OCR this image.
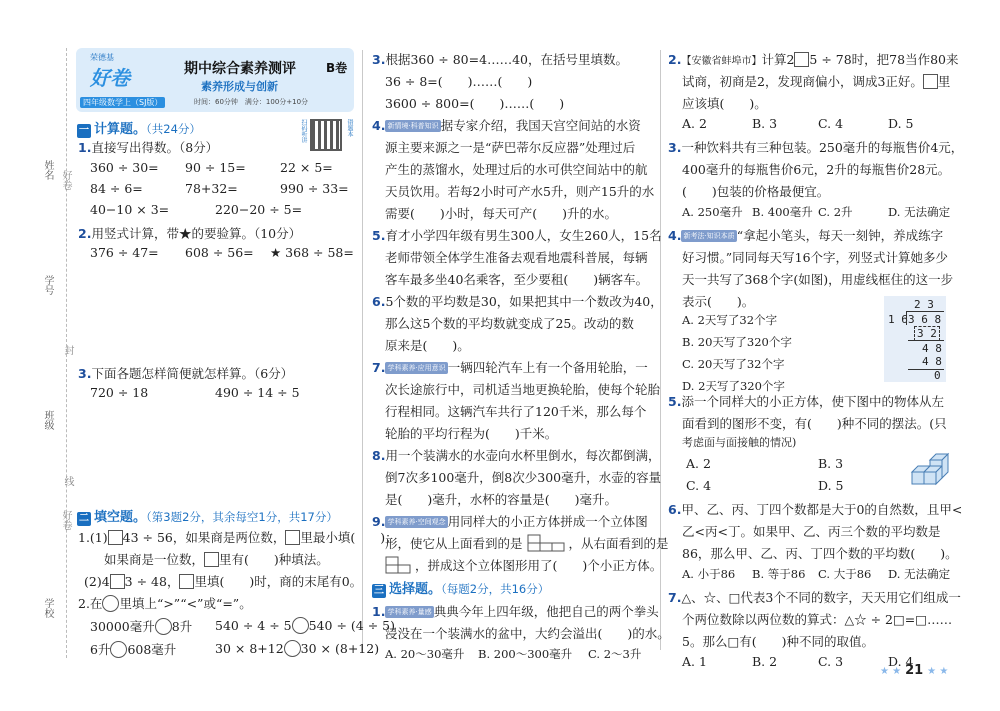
姓名 好卷
学号
封
班级
线
好卷
学校
荣德基
好卷
四年级数学上（SJ版）
期中综合素养测评	B卷
素养形成与创新
时间：60分钟　满分：100分+10分
扫码听讲	错题本
一 计算题。（共24分）
1.直接写出得数。（8分）
360 ÷ 30= 90 ÷ 15=	22 × 5=
84 ÷ 6=	78+32=	990 ÷ 33=
40−10 × 3=	220−20 ÷ 5=
2.用竖式计算，带★的要验算。（10分）
376 ÷ 47= 608 ÷ 56= ★ 368 ÷ 58=
3.下面各题怎样简便就怎样算。（6分）
720 ÷ 18	490 ÷ 14 ÷ 5
二 填空题。（第3题2分，其余每空1分，共17分）
1.(1) 43 ÷ 56，如果商是两位数， 里最小填(　　)；
如果商是一位数， 里有(　　)种填法。
(2)4 3 ÷ 48， 里填(　　)时，商的末尾有0。
2.在 里填上“>”“<”或“=”。
30000毫升 8升 540 ÷ 4 ÷ 5 540 ÷ (4 ÷ 5)
6升 608毫升	30 × 8+12 30 × (8+12)
3.根据360 ÷ 80=4……40，在括号里填数。
36 ÷ 8=(　　)……(　　)
3600 ÷ 800=(　　)……(　　)
4. 新情境·科普知识 据专家介绍，我国天宫空间站的水资
源主要来源之一是“萨巴蒂尔反应器”处理过后
产生的蒸馏水，处理过后的水可供空间站中的航
天员饮用。若每2小时可产水5升，则产15升的水
需要(　　)小时，每天可产(　　)升的水。
5.育才小学四年级有男生300人，女生260人，15名
老师带领全体学生准备去观看地震科普展，每辆
客车最多坐40名乘客，至少要租(　　)辆客车。
6.5个数的平均数是30，如果把其中一个数改为40，
那么这5个数的平均数就变成了25。改动的数
原来是(　　)。
7. 学科素养·应用意识 一辆四轮汽车上有一个备用轮胎，一
次长途旅行中，司机适当地更换轮胎，使每个轮胎
行程相同。这辆汽车共行了120千米，那么每个
轮胎的平均行程为(　　)千米。
8.用一个装满水的水壶向水杯里倒水，每次都倒满，
倒7次多100毫升，倒8次少300毫升，水壶的容量
是(　　)毫升，水杯的容量是(　　)毫升。
9. 学科素养·空间观念 用同样大的小正方体拼成一个立体图
形，使它从上面看到的是	，从右面看到的是
，拼成这个立体图形用了(　　)个小正方体。
三 选择题。（每题2分，共16分）
1. 学科素养·量感 典典今年上四年级，他把自己的两个拳头
浸没在一个装满水的盆中，大约会溢出(　　)的水。
A. 20～30毫升 B. 200～300毫升 C. 2～3升
2.【安徽省蚌埠市】计算2 5 ÷ 78时，把78当作80来
试商，初商是2，发现商偏小，调成3正好。 里
应该填(　　)。
A. 2	B. 3	C. 4	D. 5
3.一种饮料共有三种包装。250毫升的每瓶售价4元，
400毫升的每瓶售价6元，2升的每瓶售价28元。
(　　)包装的价格最便宜。
A. 250毫升 B. 400毫升 C. 2升	D. 无法确定
4. 新考法·知识本质 “拿起小笔头，每天一刻钟，养成练字
好习惯。”同同每天写16个字，列竖式计算她多少
天一共写了368个字(如图)，用虚线框住的这一步
表示(　　)。
A. 2天写了32个字
B. 20天写了320个字
C. 20天写了32个字
D. 2天写了320个字
2 3
1 6 3 6 8
3 2
4 8
4 8
0
5.添一个同样大的小正方体，使下图中的物体从左
面看到的图形不变，有(　　)种不同的摆法。(只
考虑面与面接触的情况)
A. 2	B. 3
C. 4	D. 5
6.甲、乙、丙、丁四个数都是大于0的自然数，且甲<
乙<丙<丁。如果甲、乙、丙三个数的平均数是
86，那么甲、乙、丙、丁四个数的平均数(　　)。
A. 小于86 B. 等于86 C. 大于86 D. 无法确定
7.△、☆、□代表3个不同的数字，天天用它们组成一
个两位数除以两位数的算式：△☆ ÷ 2□=□……
5。那么□有(　　)种不同的取值。
A. 1	B. 2	C. 3	D. 4
★ ★ 21 ★ ★
